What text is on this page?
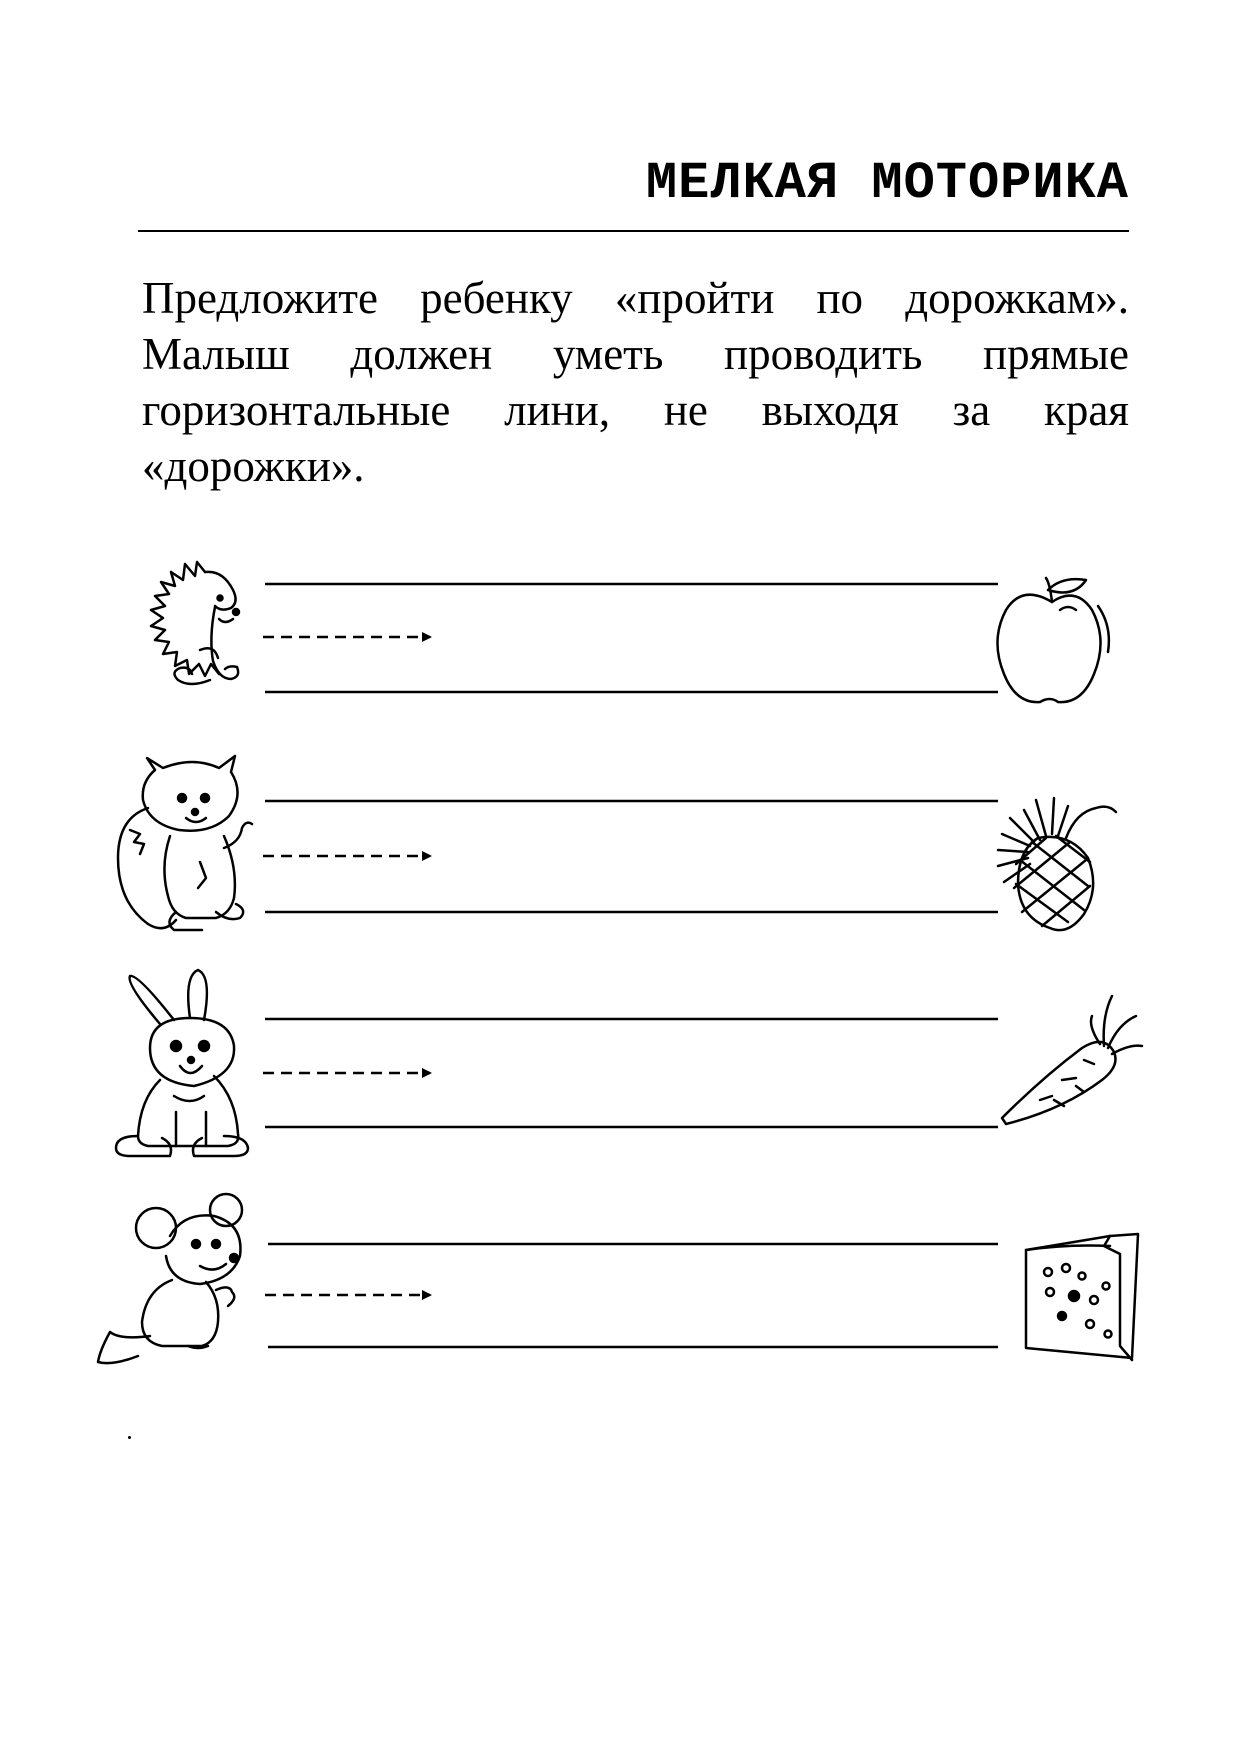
МЕЛКАЯ МОТОРИКА
Предложите ребенку «пройти по дорожкам».
Малыш должен уметь проводить прямые
горизонтальные лини, не выходя за края
«дорожки».
